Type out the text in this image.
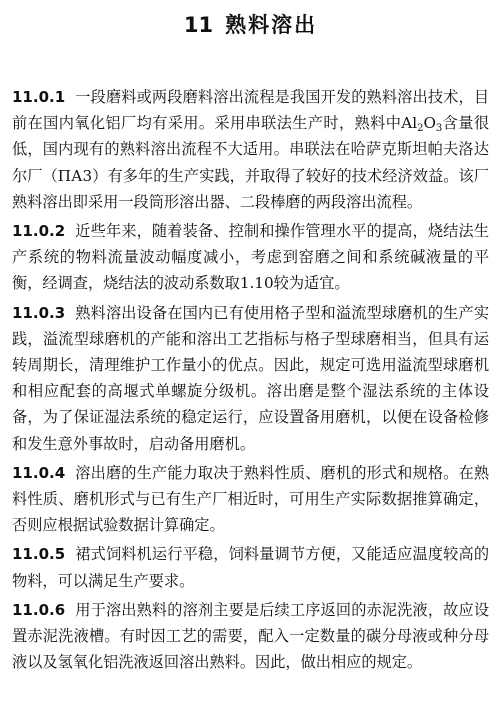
11 熟料溶出

11.0.1 一段磨料或两段磨料溶出流程是我国开发的熟料溶出技术，目前在国内氧化铝厂均有采用。采用串联法生产时，熟料中$Al_2O_3$含量很低，国内现有的熟料溶出流程不大适用。串联法在哈萨克斯坦帕夫洛达尔厂（ПА3）有多年的生产实践，并取得了较好的技术经济效益。该厂熟料溶出即采用一段筒形溶出器、二段棒磨的两段溶出流程。

11.0.2 近些年来，随着装备、控制和操作管理水平的提高，烧结法生产系统的物料流量波动幅度减小，考虑到窑磨之间和系统碱液量的平衡，经调查，烧结法的波动系数取1.10较为适宜。

11.0.3 熟料溶出设备在国内已有使用格子型和溢流型球磨机的生产实践，溢流型球磨机的产能和溶出工艺指标与格子型球磨相当，但具有运转周期长，清理维护工作量小的优点。因此，规定可选用溢流型球磨机和相应配套的高堰式单螺旋分级机。溶出磨是整个湿法系统的主体设备，为了保证湿法系统的稳定运行，应设置备用磨机，以便在设备检修和发生意外事故时，启动备用磨机。

11.0.4 溶出磨的生产能力取决于熟料性质、磨机的形式和规格。在熟料性质、磨机形式与已有生产厂相近时，可用生产实际数据推算确定，否则应根据试验数据计算确定。

11.0.5 裙式饲料机运行平稳，饲料量调节方便，又能适应温度较高的物料，可以满足生产要求。

11.0.6 用于溶出熟料的溶剂主要是后续工序返回的赤泥洗液，故应设置赤泥洗液槽。有时因工艺的需要，配入一定数量的碳分母液或种分母液以及氢氧化铝洗液返回溶出熟料。因此，做出相应的规定。
